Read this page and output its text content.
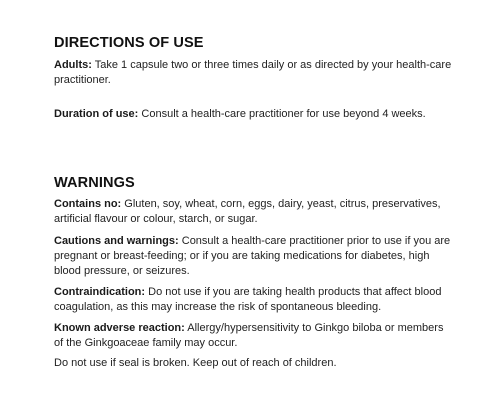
DIRECTIONS OF USE

Adults: Take 1 capsule two or three times daily or as directed by your health-care practitioner.

Duration of use: Consult a health-care practitioner for use beyond 4 weeks.

WARNINGS

Contains no: Gluten, soy, wheat, corn, eggs, dairy, yeast, citrus, preservatives, artificial flavour or colour, starch, or sugar.

Cautions and warnings: Consult a health-care practitioner prior to use if you are pregnant or breast-feeding; or if you are taking medications for diabetes, high blood pressure, or seizures.

Contraindication: Do not use if you are taking health products that affect blood coagulation, as this may increase the risk of spontaneous bleeding.

Known adverse reaction: Allergy/hypersensitivity to Ginkgo biloba or members of the Ginkgoaceae family may occur.

Do not use if seal is broken. Keep out of reach of children.
